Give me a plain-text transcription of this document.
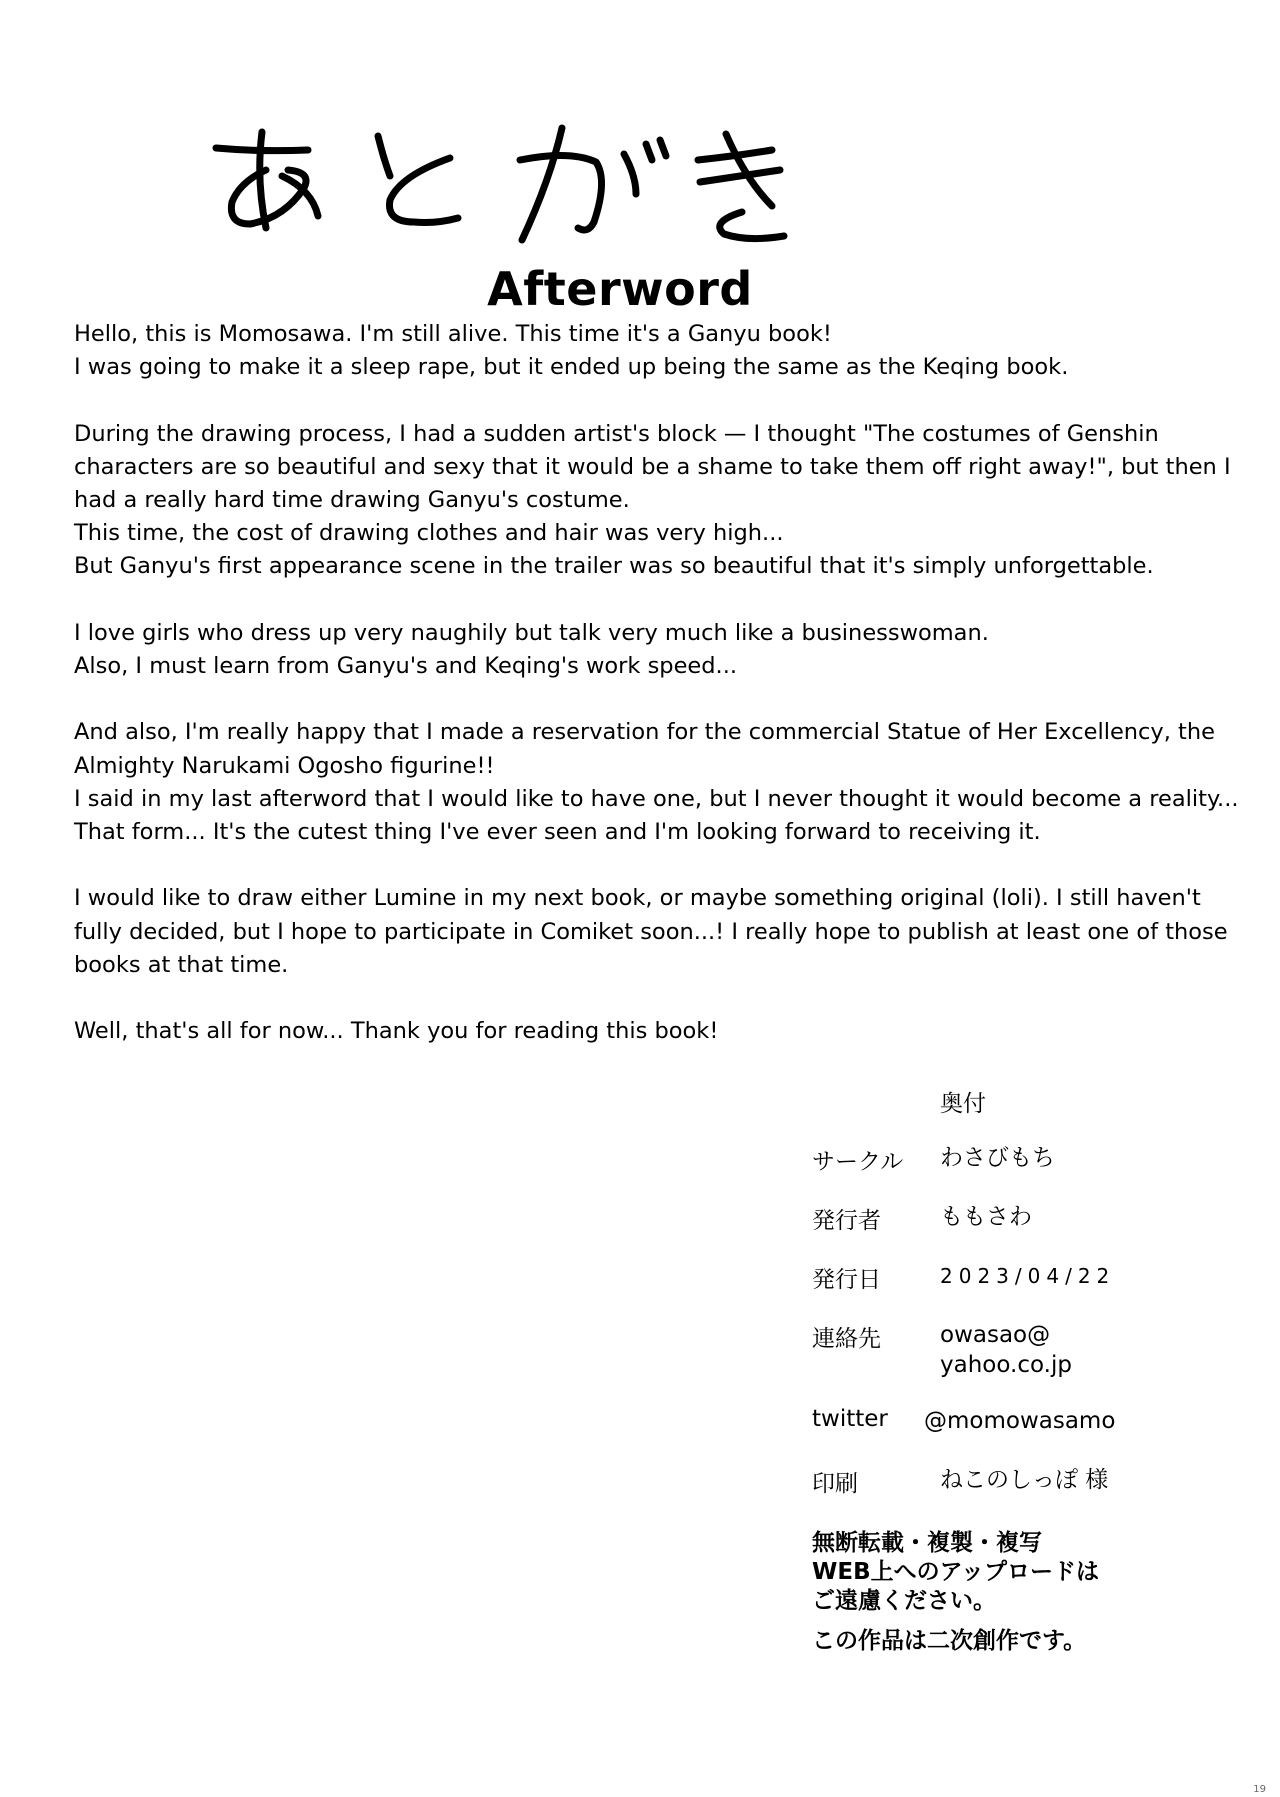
Afterword

Hello, this is Momosawa. I'm still alive. This time it's a Ganyu book!
I was going to make it a sleep rape, but it ended up being the same as the Keqing book.

During the drawing process, I had a sudden artist's block — I thought "The costumes of Genshin characters are so beautiful and sexy that it would be a shame to take them off right away!", but then I had a really hard time drawing Ganyu's costume.
This time, the cost of drawing clothes and hair was very high...
But Ganyu's first appearance scene in the trailer was so beautiful that it's simply unforgettable.

I love girls who dress up very naughily but talk very much like a businesswoman.
Also, I must learn from Ganyu's and Keqing's work speed...

And also, I'm really happy that I made a reservation for the commercial Statue of Her Excellency, the Almighty Narukami Ogosho figurine!!
I said in my last afterword that I would like to have one, but I never thought it would become a reality...
That form... It's the cutest thing I've ever seen and I'm looking forward to receiving it.

I would like to draw either Lumine in my next book, or maybe something original (loli). I still haven't fully decided, but I hope to participate in Comiket soon...! I really hope to publish at least one of those books at that time.

Well, that's all for now... Thank you for reading this book!

奥付
サークル	わさびもち
発行者	ももさわ
発行日	2023/04/22
連絡先	owasao@
yahoo.co.jp
twitter	@momowasamo
印刷	ねこのしっぽ 様
無断転載・複製・複写
WEB上へのアップロードは
ご遠慮ください。
この作品は二次創作です。
19
